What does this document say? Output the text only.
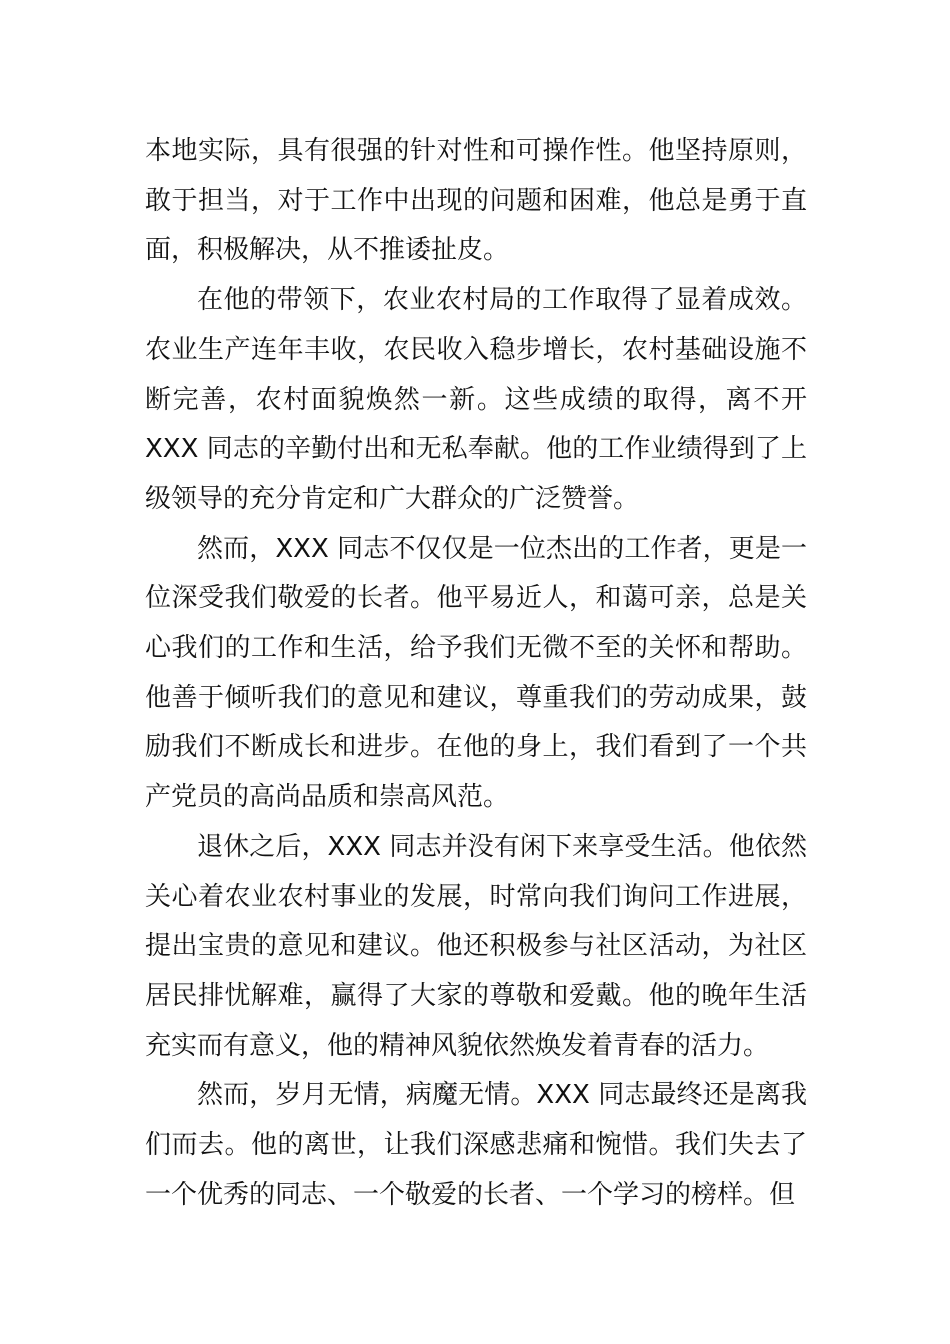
本地实际，具有很强的针对性和可操作性。他坚持原则，敢于担当，对于工作中出现的问题和困难，他总是勇于直面，积极解决，从不推诿扯皮。

在他的带领下，农业农村局的工作取得了显着成效。农业生产连年丰收，农民收入稳步增长，农村基础设施不断完善，农村面貌焕然一新。这些成绩的取得，离不开 XXX 同志的辛勤付出和无私奉献。他的工作业绩得到了上级领导的充分肯定和广大群众的广泛赞誉。

然而，XXX 同志不仅仅是一位杰出的工作者，更是一位深受我们敬爱的长者。他平易近人，和蔼可亲，总是关心我们的工作和生活，给予我们无微不至的关怀和帮助。他善于倾听我们的意见和建议，尊重我们的劳动成果，鼓励我们不断成长和进步。在他的身上，我们看到了一个共产党员的高尚品质和崇高风范。

退休之后，XXX 同志并没有闲下来享受生活。他依然关心着农业农村事业的发展，时常向我们询问工作进展，提出宝贵的意见和建议。他还积极参与社区活动，为社区居民排忧解难，赢得了大家的尊敬和爱戴。他的晚年生活充实而有意义，他的精神风貌依然焕发着青春的活力。

然而，岁月无情，病魔无情。XXX 同志最终还是离我们而去。他的离世，让我们深感悲痛和惋惜。我们失去了一个优秀的同志、一个敬爱的长者、一个学习的榜样。但
